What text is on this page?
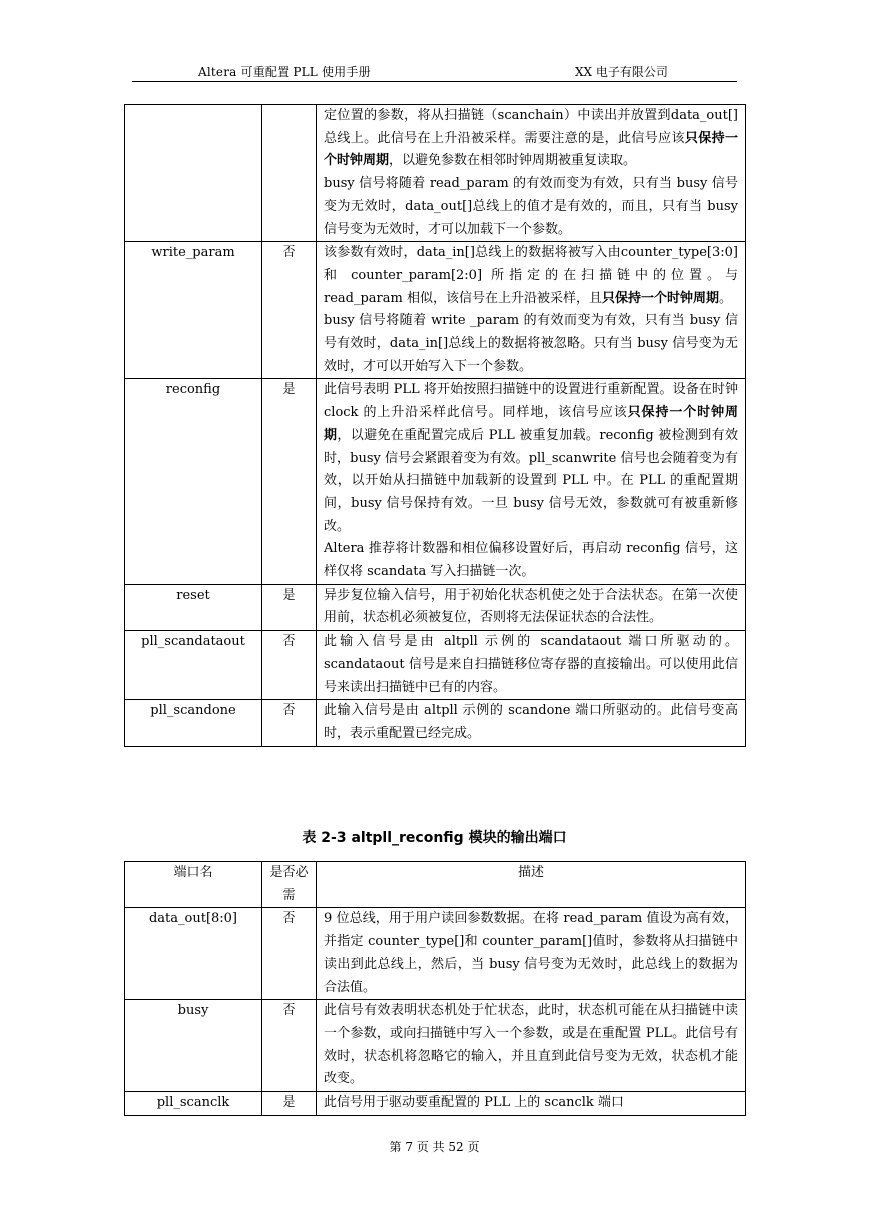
Altera 可重配置 PLL 使用手册	XX 电子有限公司

		定位置的参数，将从扫描链（scanchain）中读出并放置到data_out[]总线上。此信号在上升沿被采样。需要注意的是，此信号应该只保持一个时钟周期，以避免参数在相邻时钟周期被重复读取。

busy 信号将随着 read_param 的有效而变为有效，只有当 busy 信号变为无效时，data_out[]总线上的值才是有效的，而且，只有当 busy 信号变为无效时，才可以加载下一个参数。

write_param	否	该参数有效时，data_in[]总线上的数据将被写入由counter_type[3:0]和 counter_param[2:0] 所指定的在扫描链中的位置。与 read_param 相似，该信号在上升沿被采样，且只保持一个时钟周期。

busy 信号将随着 write _param 的有效而变为有效，只有当 busy 信号有效时，data_in[]总线上的数据将被忽略。只有当 busy 信号变为无效时，才可以开始写入下一个参数。

reconfig	是	此信号表明 PLL 将开始按照扫描链中的设置进行重新配置。设备在时钟 clock 的上升沿采样此信号。同样地，该信号应该只保持一个时钟周期，以避免在重配置完成后 PLL 被重复加载。reconfig 被检测到有效时，busy 信号会紧跟着变为有效。pll_scanwrite 信号也会随着变为有效，以开始从扫描链中加载新的设置到 PLL 中。在 PLL 的重配置期间，busy 信号保持有效。一旦 busy 信号无效，参数就可有被重新修改。

Altera 推荐将计数器和相位偏移设置好后，再启动 reconfig 信号，这样仅将 scandata 写入扫描链一次。

reset	是	异步复位输入信号，用于初始化状态机使之处于合法状态。在第一次使用前，状态机必须被复位，否则将无法保证状态的合法性。

pll_scandataout	否	此输入信号是由 altpll 示例的 scandataout 端口所驱动的。scandataout 信号是来自扫描链移位寄存器的直接输出。可以使用此信号来读出扫描链中已有的内容。

pll_scandone	否	此输入信号是由 altpll 示例的 scandone 端口所驱动的。此信号变高时，表示重配置已经完成。

表 2-3 altpll_reconfig 模块的输出端口
端口名	是否必需	描述
data_out[8:0]	否	9 位总线，用于用户读回参数数据。在将 read_param 值设为高有效，并指定 counter_type[]和 counter_param[]值时，参数将从扫描链中读出到此总线上，然后，当 busy 信号变为无效时，此总线上的数据为合法值。

busy	否	此信号有效表明状态机处于忙状态，此时，状态机可能在从扫描链中读一个参数，或向扫描链中写入一个参数，或是在重配置 PLL。此信号有效时，状态机将忽略它的输入，并且直到此信号变为无效，状态机才能改变。

pll_scanclk	是	此信号用于驱动要重配置的 PLL 上的 scanclk 端口

第 7 页 共 52 页
